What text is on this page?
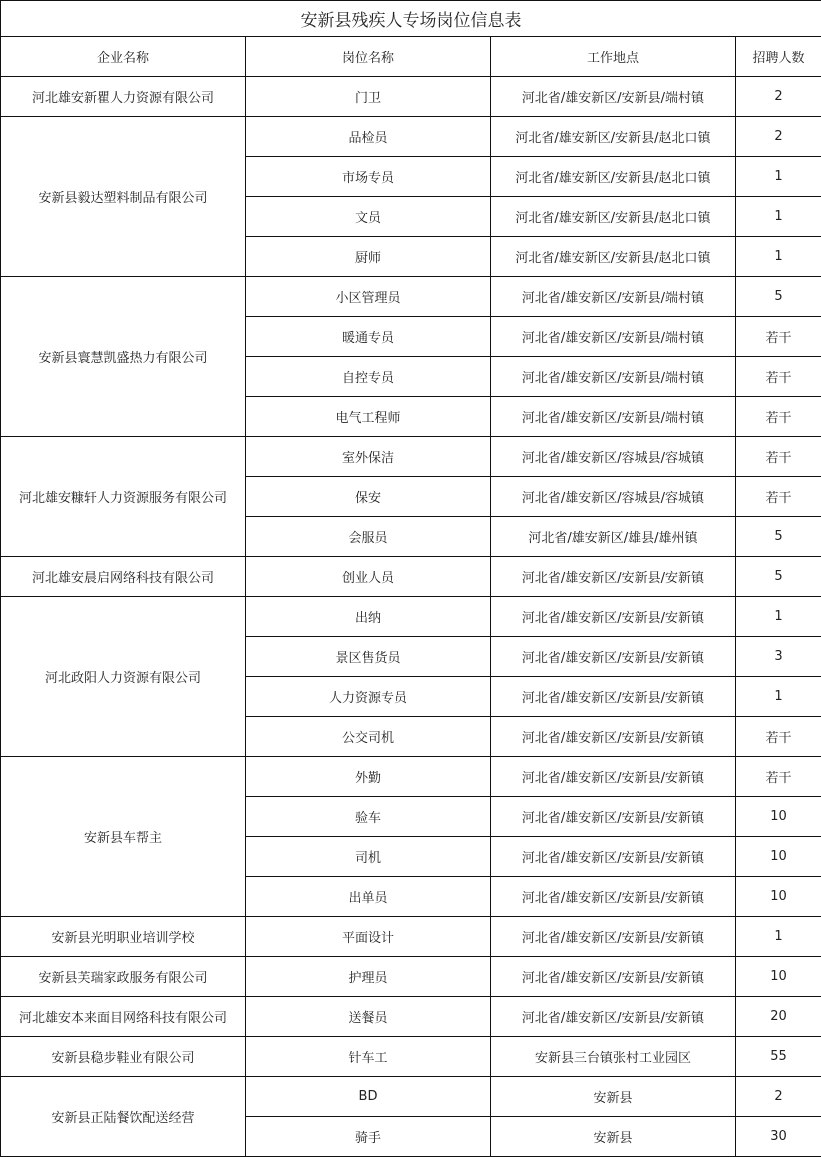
安新县残疾人专场岗位信息表			
企业名称	岗位名称	工作地点	招聘人数
河北雄安新瞿人力资源有限公司	门卫	河北省/雄安新区/安新县/端村镇	2
安新县毅达塑料制品有限公司	品检员	河北省/雄安新区/安新县/赵北口镇	2
	市场专员	河北省/雄安新区/安新县/赵北口镇	1
	文员	河北省/雄安新区/安新县/赵北口镇	1
	厨师	河北省/雄安新区/安新县/赵北口镇	1
安新县寰慧凯盛热力有限公司	小区管理员	河北省/雄安新区/安新县/端村镇	5
	暖通专员	河北省/雄安新区/安新县/端村镇	若干
	自控专员	河北省/雄安新区/安新县/端村镇	若干
	电气工程师	河北省/雄安新区/安新县/端村镇	若干
河北雄安糠轩人力资源服务有限公司	室外保洁	河北省/雄安新区/容城县/容城镇	若干
	保安	河北省/雄安新区/容城县/容城镇	若干
	会服员	河北省/雄安新区/雄县/雄州镇	5
河北雄安晨启网络科技有限公司	创业人员	河北省/雄安新区/安新县/安新镇	5
河北政阳人力资源有限公司	出纳	河北省/雄安新区/安新县/安新镇	1
	景区售货员	河北省/雄安新区/安新县/安新镇	3
	人力资源专员	河北省/雄安新区/安新县/安新镇	1
	公交司机	河北省/雄安新区/安新县/安新镇	若干
安新县车帮主	外勤	河北省/雄安新区/安新县/安新镇	若干
	验车	河北省/雄安新区/安新县/安新镇	10
	司机	河北省/雄安新区/安新县/安新镇	10
	出单员	河北省/雄安新区/安新县/安新镇	10
安新县光明职业培训学校	平面设计	河北省/雄安新区/安新县/安新镇	1
安新县芙瑞家政服务有限公司	护理员	河北省/雄安新区/安新县/安新镇	10
河北雄安本来面目网络科技有限公司	送餐员	河北省/雄安新区/安新县/安新镇	20
安新县稳步鞋业有限公司	针车工	安新县三台镇张村工业园区	55
安新县正陆餐饮配送经营	BD	安新县	2
	骑手	安新县	30
